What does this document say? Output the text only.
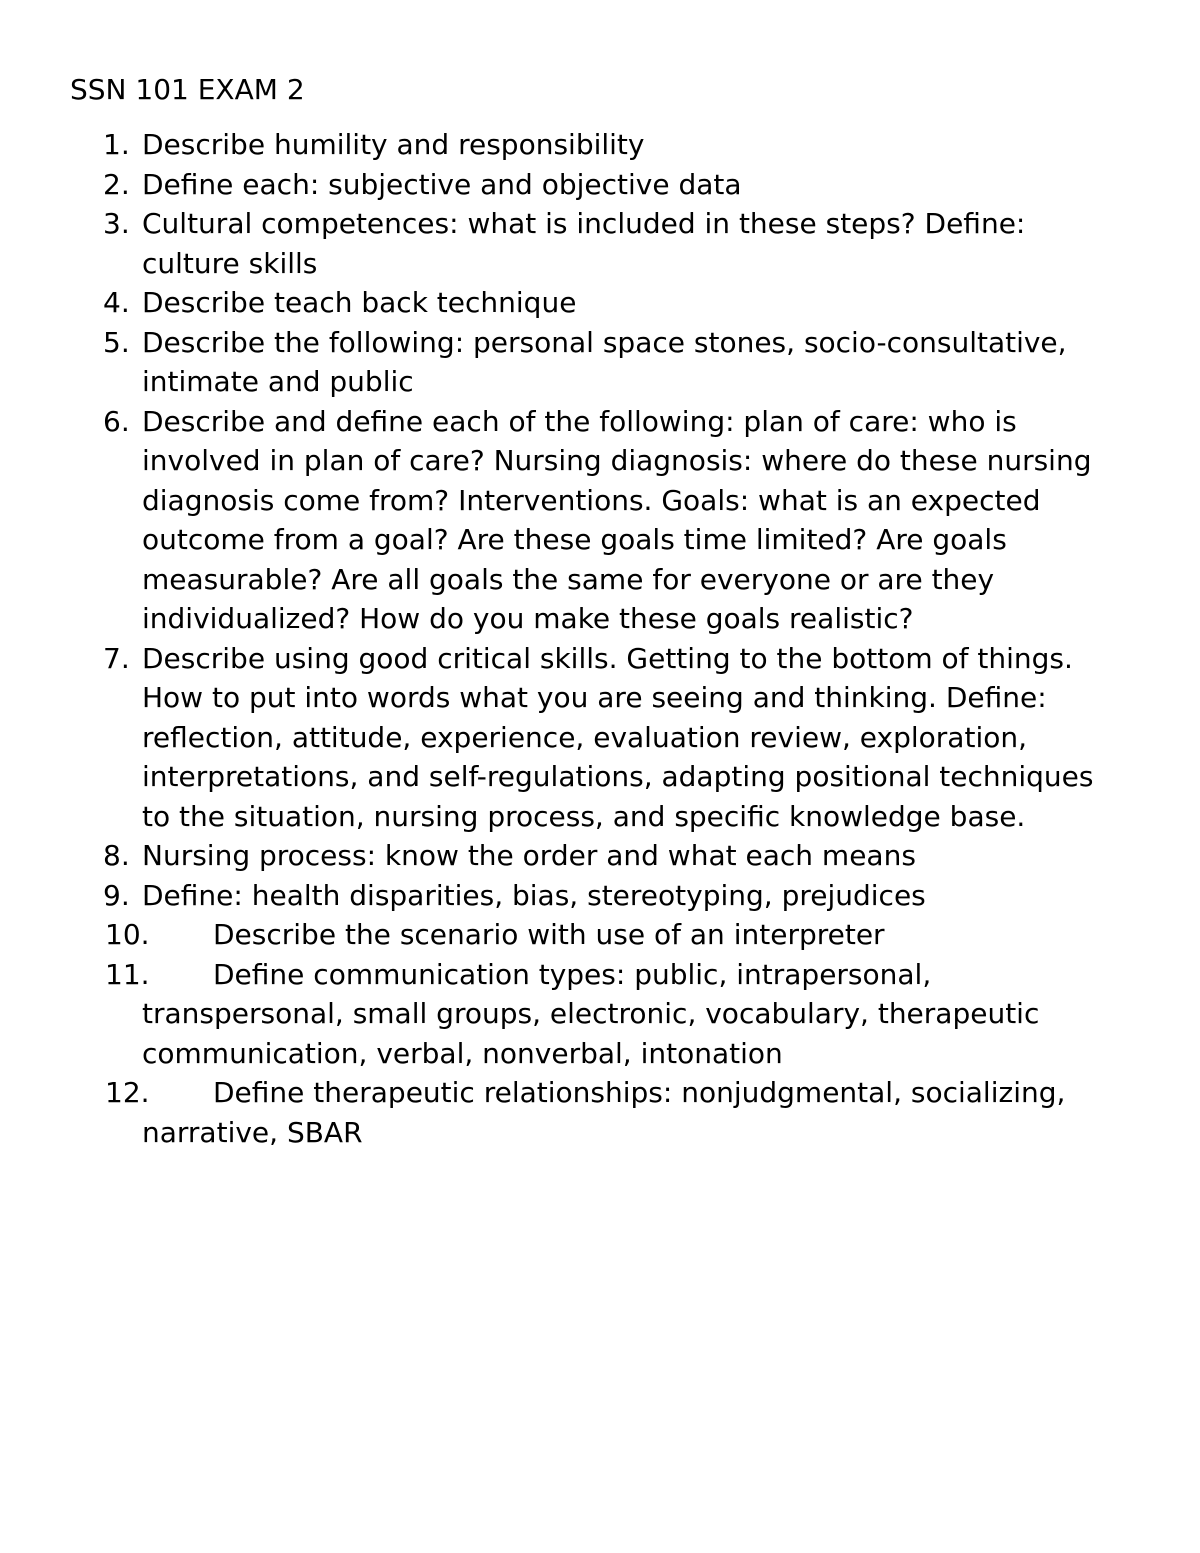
SSN 101 EXAM 2
1. Describe humility and responsibility
2. Define each: subjective and objective data
3. Cultural competences: what is included in these steps? Define: culture skills
4. Describe teach back technique
5. Describe the following: personal space stones, socio-consultative, intimate and public
6. Describe and define each of the following: plan of care: who is involved in plan of care? Nursing diagnosis: where do these nursing diagnosis come from? Interventions. Goals: what is an expected outcome from a goal? Are these goals time limited? Are goals measurable? Are all goals the same for everyone or are they individualized? How do you make these goals realistic?
7. Describe using good critical skills. Getting to the bottom of things. How to put into words what you are seeing and thinking. Define: reflection, attitude, experience, evaluation review, exploration, interpretations, and self-regulations, adapting positional techniques to the situation, nursing process, and specific knowledge base.
8. Nursing process: know the order and what each means
9. Define: health disparities, bias, stereotyping, prejudices
10.	Describe the scenario with use of an interpreter
11.	Define communication types: public, intrapersonal, transpersonal, small groups, electronic, vocabulary, therapeutic communication, verbal, nonverbal, intonation
12.	Define therapeutic relationships: nonjudgmental, socializing, narrative, SBAR
